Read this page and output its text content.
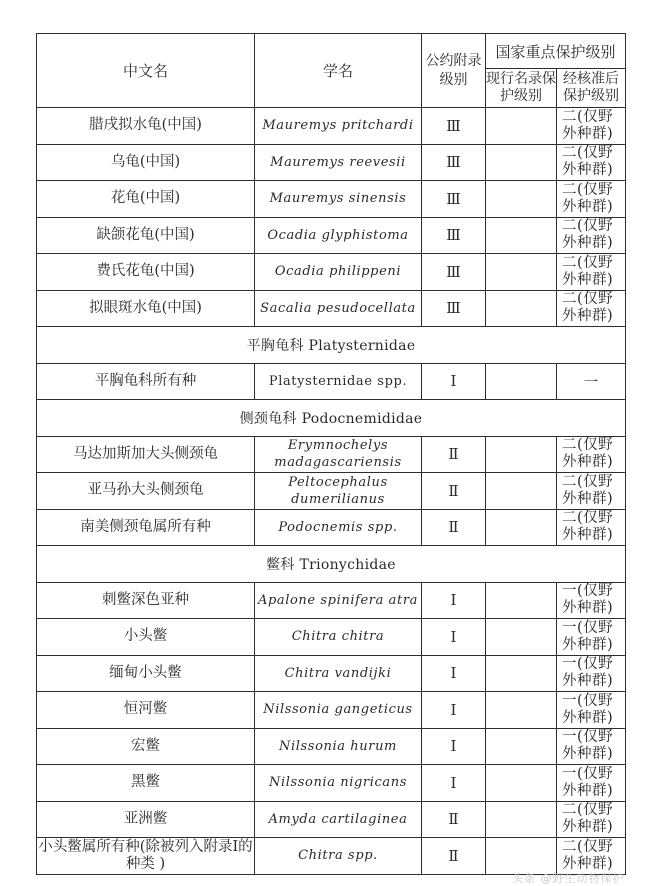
中文名	学名	公约附录级别	国家重点保护级别	
			现行名录保护级别	经核准后保护级别
腊戌拟水龟(中国)	Mauremys pritchardi	Ⅲ		二(仅野外种群)
乌龟(中国)	Mauremys reevesii	Ⅲ		二(仅野外种群)
花龟(中国)	Mauremys sinensis	Ⅲ		二(仅野外种群)
缺颌花龟(中国)	Ocadia glyphistoma	Ⅲ		二(仅野外种群)
费氏花龟(中国)	Ocadia philippeni	Ⅲ		二(仅野外种群)
拟眼斑水龟(中国)	Sacalia pesudocellata	Ⅲ		二(仅野外种群)
平胸龟科 Platysternidae				
平胸龟科所有种	Platysternidae spp.	Ⅰ		一
侧颈龟科 Podocnemididae				
马达加斯加大头侧颈龟	Erymnochelys madagascariensis	Ⅱ		二(仅野外种群)
亚马孙大头侧颈龟	Peltocephalus dumerilianus	Ⅱ		二(仅野外种群)
南美侧颈龟属所有种	Podocnemis spp.	Ⅱ		二(仅野外种群)
鳖科 Trionychidae				
刺鳖深色亚种	Apalone spinifera atra	Ⅰ		一(仅野外种群)
小头鳖	Chitra chitra	Ⅰ		一(仅野外种群)
缅甸小头鳖	Chitra vandijki	Ⅰ		一(仅野外种群)
恒河鳖	Nilssonia gangeticus	Ⅰ		一(仅野外种群)
宏鳖	Nilssonia hurum	Ⅰ		一(仅野外种群)
黑鳖	Nilssonia nigricans	Ⅰ		一(仅野外种群)
亚洲鳖	Amyda cartilaginea	Ⅱ		二(仅野外种群)
小头鳖属所有种(除被列入附录Ⅰ的种类 )	Chitra spp.	Ⅱ		二(仅野外种群)
头条 @野生动物保护
